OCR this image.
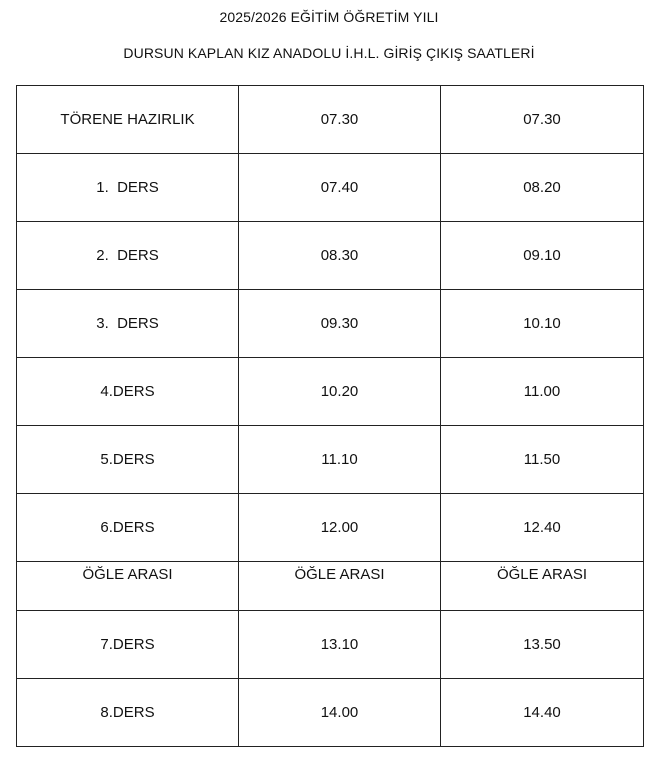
2025/2026 EĞİTİM ÖĞRETİM YILI
DURSUN KAPLAN KIZ ANADOLU İ.H.L. GİRİŞ ÇIKIŞ SAATLERİ
TÖRENE HAZIRLIK	07.30	07.30
1.  DERS	07.40	08.20
2.  DERS	08.30	09.10
3.  DERS	09.30	10.10
4.DERS	10.20	11.00
5.DERS	11.10	11.50
6.DERS	12.00	12.40
ÖĞLE ARASI	ÖĞLE ARASI	ÖĞLE ARASI
7.DERS	13.10	13.50
8.DERS	14.00	14.40
